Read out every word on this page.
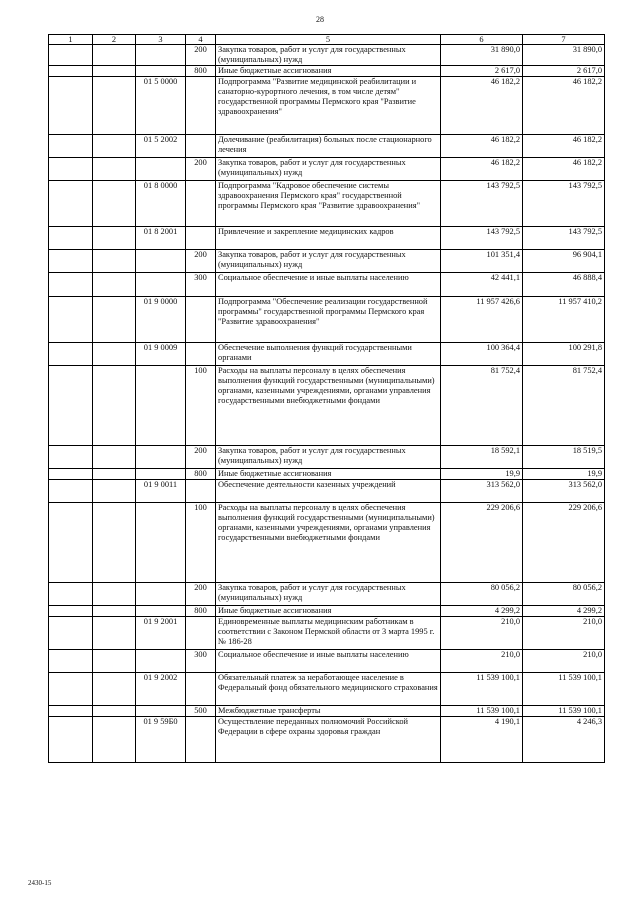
28
1	2	3	4	5	6	7
			200	Закупка товаров, работ и услуг для государственных (муниципальных) нужд	31 890,0	31 890,0
			800	Иные бюджетные ассигнования	2 617,0	2 617,0
		01 5 0000		Подпрограмма "Развитие медицинской реабилитации и санаторно-курортного лечения, в том числе детям" государственной программы Пермского края "Развитие здравоохранения"	46 182,2	46 182,2
		01 5 2002		Долечивание (реабилитация) больных после стационарного лечения	46 182,2	46 182,2
			200	Закупка товаров, работ и услуг для государственных (муниципальных) нужд	46 182,2	46 182,2
		01 8 0000		Подпрограмма "Кадровое обеспечение системы здравоохранения Пермского края" государственной программы Пермского края "Развитие здравоохранения"	143 792,5	143 792,5
		01 8 2001		Привлечение и закрепление медицинских кадров	143 792,5	143 792,5
			200	Закупка товаров, работ и услуг для государственных (муниципальных) нужд	101 351,4	96 904,1
			300	Социальное обеспечение и иные выплаты населению	42 441,1	46 888,4
		01 9 0000		Подпрограмма "Обеспечение реализации государственной программы" государственной программы Пермского края "Развитие здравоохранения"	11 957 426,6	11 957 410,2
		01 9 0009		Обеспечение выполнения функций государственными органами	100 364,4	100 291,8
			100	Расходы на выплаты персоналу в целях обеспечения выполнения функций государственными (муниципальными) органами, казенными учреждениями, органами управления государственными внебюджетными фондами	81 752,4	81 752,4
			200	Закупка товаров, работ и услуг для государственных (муниципальных) нужд	18 592,1	18 519,5
			800	Иные бюджетные ассигнования	19,9	19,9
		01 9 0011		Обеспечение деятельности казенных учреждений	313 562,0	313 562,0
			100	Расходы на выплаты персоналу в целях обеспечения выполнения функций государственными (муниципальными) органами, казенными учреждениями, органами управления государственными внебюджетными фондами	229 206,6	229 206,6
			200	Закупка товаров, работ и услуг для государственных (муниципальных) нужд	80 056,2	80 056,2
			800	Иные бюджетные ассигнования	4 299,2	4 299,2
		01 9 2001		Единовременные выплаты медицинским работникам в соответствии с Законом Пермской области от 3 марта 1995 г. № 186-28	210,0	210,0
			300	Социальное обеспечение и иные выплаты населению	210,0	210,0
		01 9 2002		Обязательный платеж за неработающее население в Федеральный фонд обязательного медицинского страхования	11 539 100,1	11 539 100,1
			500	Межбюджетные трансферты	11 539 100,1	11 539 100,1
		01 9 59Б0		Осуществление переданных полномочий Российской Федерации в сфере охраны здоровья граждан	4 190,1	4 246,3
2430-15
